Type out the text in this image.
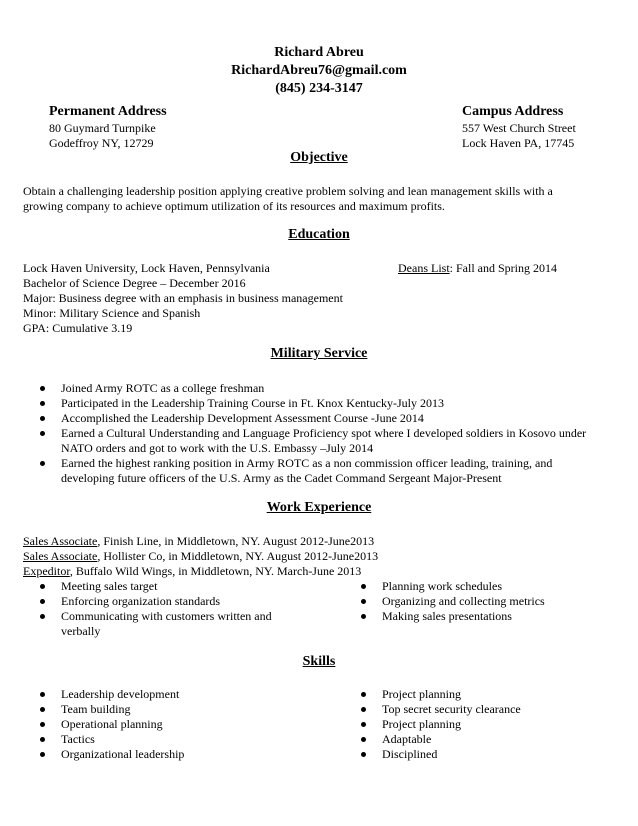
Richard Abreu
RichardAbreu76@gmail.com
(845) 234-3147
Permanent Address
80 Guymard Turnpike
Godeffroy NY, 12729
Campus Address
557 West Church Street
Lock Haven PA, 17745
Objective
Obtain a challenging leadership position applying creative problem solving and lean management skills with a
growing company to achieve optimum utilization of its resources and maximum profits.
Education
Lock Haven University, Lock Haven, Pennsylvania	Deans List: Fall and Spring 2014
Bachelor of Science Degree – December 2016
Major: Business degree with an emphasis in business management
Minor: Military Science and Spanish
GPA: Cumulative 3.19
Military Service
Joined Army ROTC as a college freshman
Participated in the Leadership Training Course in Ft. Knox Kentucky-July 2013
Accomplished the Leadership Development Assessment Course -June 2014
Earned a Cultural Understanding and Language Proficiency spot where I developed soldiers in Kosovo under
NATO orders and got to work with the U.S. Embassy –July 2014
Earned the highest ranking position in Army ROTC as a non commission officer leading, training, and
developing future officers of the U.S. Army as the Cadet Command Sergeant Major-Present
Work Experience
Sales Associate, Finish Line, in Middletown, NY. August 2012-June2013
Sales Associate, Hollister Co, in Middletown, NY. August 2012-June2013
Expeditor, Buffalo Wild Wings, in Middletown, NY. March-June 2013
Meeting sales target
Enforcing organization standards
Communicating with customers written and
verbally
Planning work schedules
Organizing and collecting metrics
Making sales presentations
Skills
Leadership development
Team building
Operational planning
Tactics
Organizational leadership
Project planning
Top secret security clearance
Project planning
Adaptable
Disciplined
